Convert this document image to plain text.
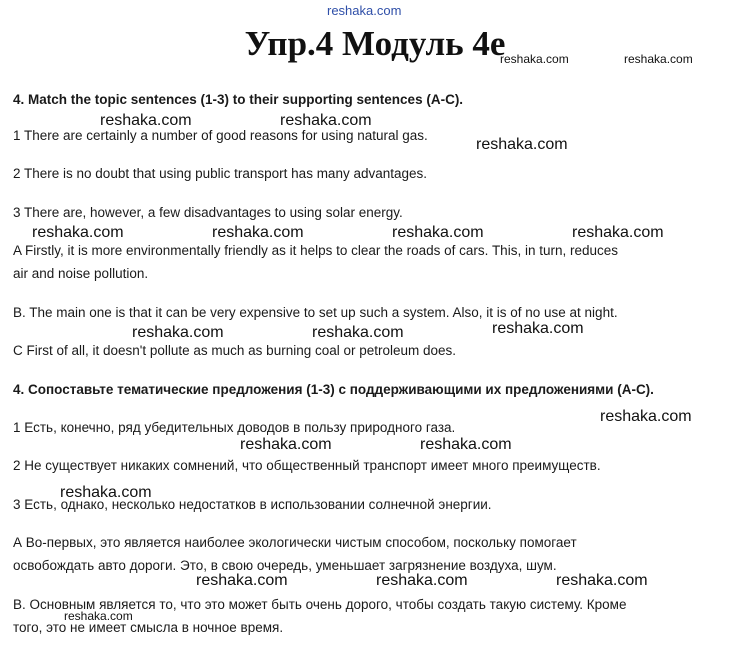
Упр.4 Модуль 4е
4. Match the topic sentences (1-3) to their supporting sentences (A-C).
1 There are certainly a number of good reasons for using natural gas.
2 There is no doubt that using public transport has many advantages.
3 There are, however, a few disadvantages to using solar energy.
A Firstly, it is more environmentally friendly as it helps to clear the roads of cars. This, in turn, reduces
air and noise pollution.
B. The main one is that it can be very expensive to set up such a system. Also, it is of no use at night.
C First of all, it doesn't pollute as much as burning coal or petroleum does.
4. Сопоставьте тематические предложения (1-3) с поддерживающими их предложениями (А-С).
1 Есть, конечно, ряд убедительных доводов в пользу природного газа.
2 Не существует никаких сомнений, что общественный транспорт имеет много преимуществ.
3 Есть, однако, несколько недостатков в использовании солнечной энергии.
А Во-первых, это является наиболее экологически чистым способом, поскольку помогает
освобождать авто дороги. Это, в свою очередь, уменьшает загрязнение воздуха, шум.
В. Основным является то, что это может быть очень дорого, чтобы создать такую систему. Кроме
того, это не имеет смысла в ночное время.
reshaka.com
reshaka.com	reshaka.com
reshaka.com	reshaka.com
reshaka.com
reshaka.com	reshaka.com	reshaka.com	reshaka.com
reshaka.com	reshaka.com	reshaka.com
reshaka.com
reshaka.com	reshaka.com
reshaka.com
reshaka.com	reshaka.com	reshaka.com
reshaka.com
